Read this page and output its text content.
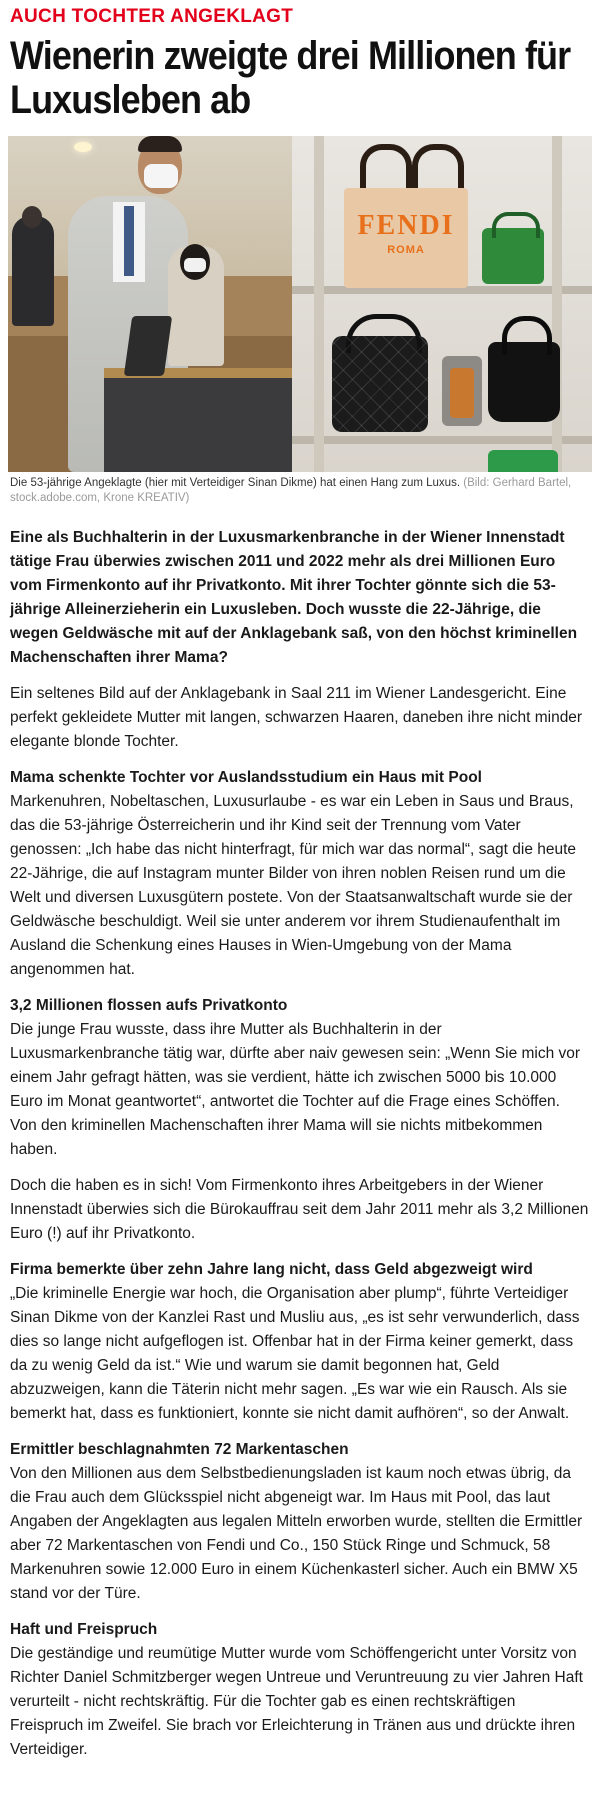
AUCH TOCHTER ANGEKLAGT
Wienerin zweigte drei Millionen für Luxusleben ab
FENDI
ROMA
Die 53-jährige Angeklagte (hier mit Verteidiger Sinan Dikme) hat einen Hang zum Luxus. (Bild: Gerhard Bartel, stock.adobe.com, Krone KREATIV)

Eine als Buchhalterin in der Luxusmarkenbranche in der Wiener Innenstadt tätige Frau überwies zwischen 2011 und 2022 mehr als drei Millionen Euro vom Firmenkonto auf ihr Privatkonto. Mit ihrer Tochter gönnte sich die 53-jährige Alleinerzieherin ein Luxusleben. Doch wusste die 22-Jährige, die wegen Geldwäsche mit auf der Anklagebank saß, von den höchst kriminellen Machenschaften ihrer Mama?

Ein seltenes Bild auf der Anklagebank in Saal 211 im Wiener Landesgericht. Eine perfekt gekleidete Mutter mit langen, schwarzen Haaren, daneben ihre nicht minder elegante blonde Tochter.

Mama schenkte Tochter vor Auslandsstudium ein Haus mit Pool

Markenuhren, Nobeltaschen, Luxusurlaube - es war ein Leben in Saus und Braus, das die 53-jährige Österreicherin und ihr Kind seit der Trennung vom Vater genossen: „Ich habe das nicht hinterfragt, für mich war das normal“, sagt die heute 22-Jährige, die auf Instagram munter Bilder von ihren noblen Reisen rund um die Welt und diversen Luxusgütern postete. Von der Staatsanwaltschaft wurde sie der Geldwäsche beschuldigt. Weil sie unter anderem vor ihrem Studienaufenthalt im Ausland die Schenkung eines Hauses in Wien-Umgebung von der Mama angenommen hat.

3,2 Millionen flossen aufs Privatkonto

Die junge Frau wusste, dass ihre Mutter als Buchhalterin in der Luxusmarkenbranche tätig war, dürfte aber naiv gewesen sein: „Wenn Sie mich vor einem Jahr gefragt hätten, was sie verdient, hätte ich zwischen 5000 bis 10.000 Euro im Monat geantwortet“, antwortet die Tochter auf die Frage eines Schöffen. Von den kriminellen Machenschaften ihrer Mama will sie nichts mitbekommen haben.

Doch die haben es in sich! Vom Firmenkonto ihres Arbeitgebers in der Wiener Innenstadt überwies sich die Bürokauffrau seit dem Jahr 2011 mehr als 3,2 Millionen Euro (!) auf ihr Privatkonto.

Firma bemerkte über zehn Jahre lang nicht, dass Geld abgezweigt wird

„Die kriminelle Energie war hoch, die Organisation aber plump“, führte Verteidiger Sinan Dikme von der Kanzlei Rast und Musliu aus, „es ist sehr verwunderlich, dass dies so lange nicht aufgeflogen ist. Offenbar hat in der Firma keiner gemerkt, dass da zu wenig Geld da ist.“ Wie und warum sie damit begonnen hat, Geld abzuzweigen, kann die Täterin nicht mehr sagen. „Es war wie ein Rausch. Als sie bemerkt hat, dass es funktioniert, konnte sie nicht damit aufhören“, so der Anwalt.

Ermittler beschlagnahmten 72 Markentaschen

Von den Millionen aus dem Selbstbedienungsladen ist kaum noch etwas übrig, da die Frau auch dem Glücksspiel nicht abgeneigt war. Im Haus mit Pool, das laut Angaben der Angeklagten aus legalen Mitteln erworben wurde, stellten die Ermittler aber 72 Markentaschen von Fendi und Co., 150 Stück Ringe und Schmuck, 58 Markenuhren sowie 12.000 Euro in einem Küchenkasterl sicher. Auch ein BMW X5 stand vor der Türe.

Haft und Freispruch

Die geständige und reumütige Mutter wurde vom Schöffengericht unter Vorsitz von Richter Daniel Schmitzberger wegen Untreue und Veruntreuung zu vier Jahren Haft verurteilt - nicht rechtskräftig. Für die Tochter gab es einen rechtskräftigen Freispruch im Zweifel. Sie brach vor Erleichterung in Tränen aus und drückte ihren Verteidiger.
